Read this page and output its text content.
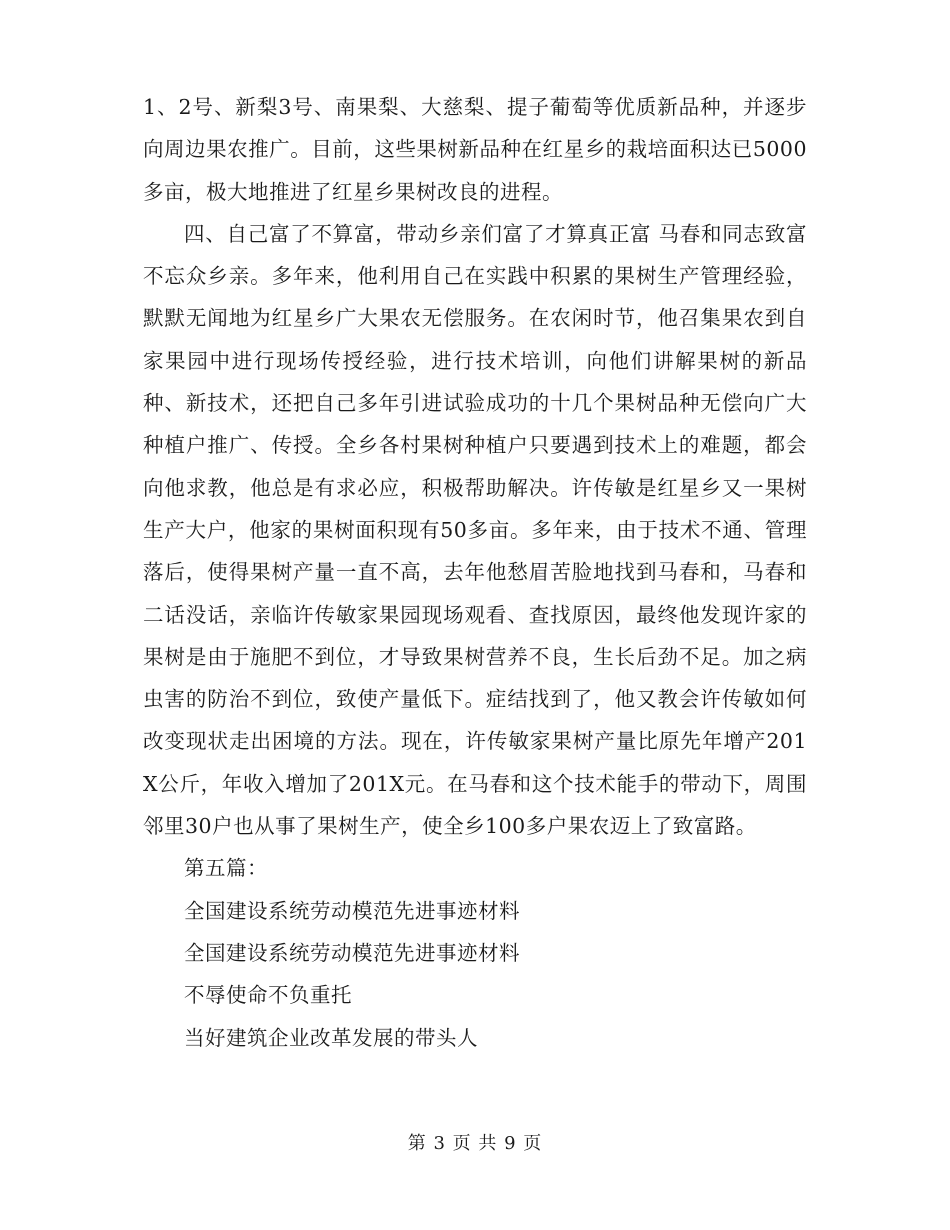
1、2号、新梨3号、南果梨、大慈梨、提子葡萄等优质新品种，并逐步向周边果农推广。目前，这些果树新品种在红星乡的栽培面积达已5000多亩，极大地推进了红星乡果树改良的进程。

四、自己富了不算富，带动乡亲们富了才算真正富 马春和同志致富不忘众乡亲。多年来，他利用自己在实践中积累的果树生产管理经验，默默无闻地为红星乡广大果农无偿服务。在农闲时节，他召集果农到自家果园中进行现场传授经验，进行技术培训，向他们讲解果树的新品种、新技术，还把自己多年引进试验成功的十几个果树品种无偿向广大种植户推广、传授。全乡各村果树种植户只要遇到技术上的难题，都会向他求教，他总是有求必应，积极帮助解决。许传敏是红星乡又一果树生产大户，他家的果树面积现有50多亩。多年来，由于技术不通、管理落后，使得果树产量一直不高，去年他愁眉苦脸地找到马春和，马春和二话没话，亲临许传敏家果园现场观看、查找原因，最终他发现许家的果树是由于施肥不到位，才导致果树营养不良，生长后劲不足。加之病虫害的防治不到位，致使产量低下。症结找到了，他又教会许传敏如何改变现状走出困境的方法。现在，许传敏家果树产量比原先年增产201X公斤，年收入增加了201X元。在马春和这个技术能手的带动下，周围邻里30户也从事了果树生产，使全乡100多户果农迈上了致富路。

第五篇：

全国建设系统劳动模范先进事迹材料

全国建设系统劳动模范先进事迹材料

不辱使命不负重托

当好建筑企业改革发展的带头人

第 3 页 共 9 页
